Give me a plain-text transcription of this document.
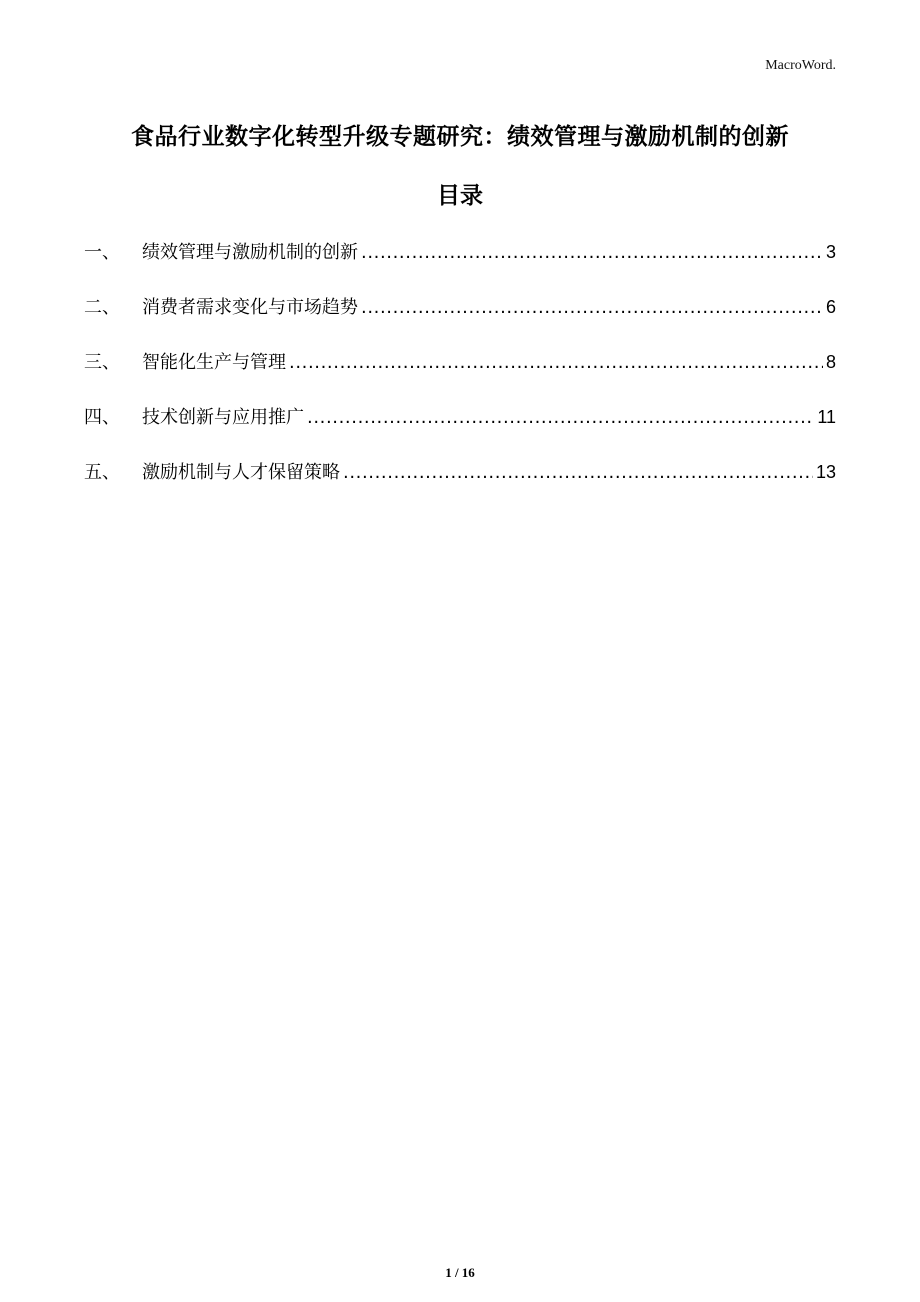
MacroWord.
食品行业数字化转型升级专题研究：绩效管理与激励机制的创新
目录
一、	绩效管理与激励机制的创新 .....	3
二、	消费者需求变化与市场趋势 .....	6
三、	智能化生产与管理 .....	8
四、	技术创新与应用推广 .....	11
五、	激励机制与人才保留策略 .....	13
1 / 16
